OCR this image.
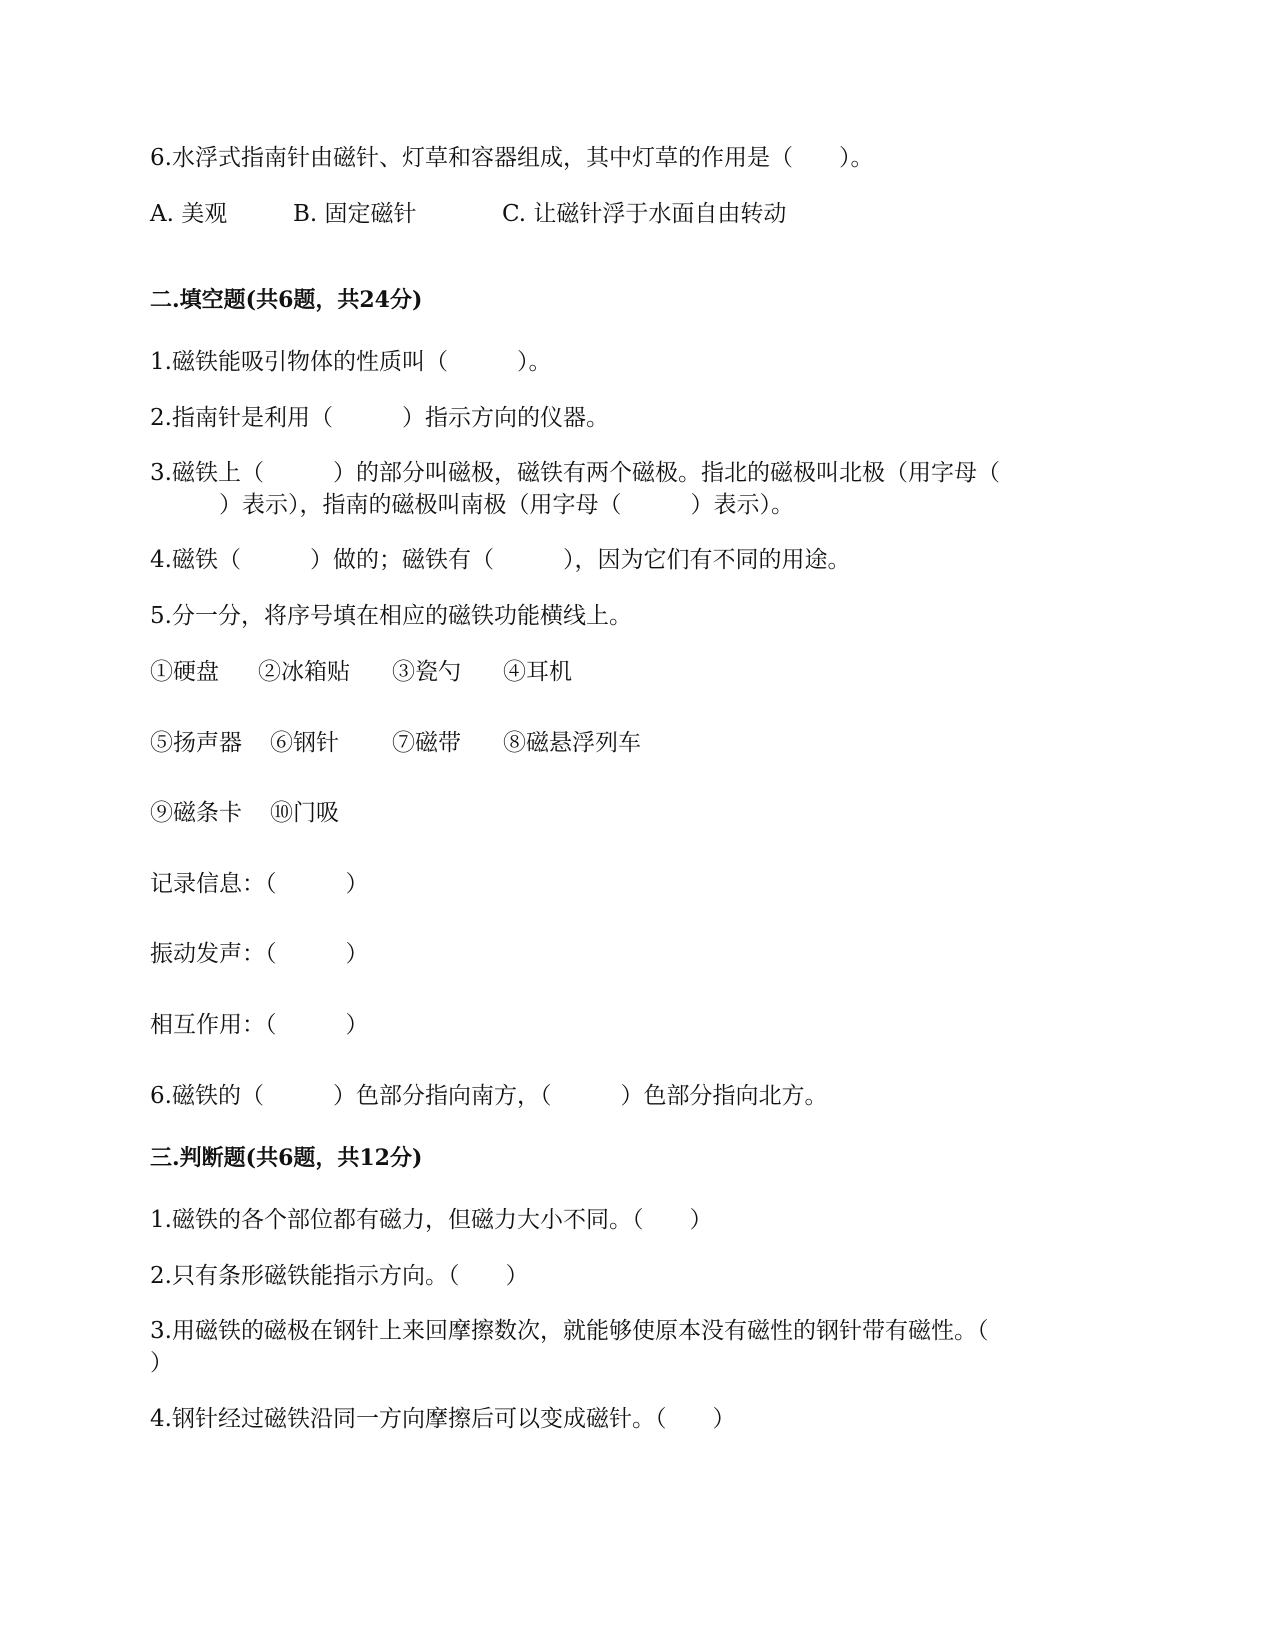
6.水浮式指南针由磁针、灯草和容器组成，其中灯草的作用是（　　）。

A. 美观	B. 固定磁针	C. 让磁针浮于水面自由转动

二.填空题(共6题，共24分)

1.磁铁能吸引物体的性质叫（　　　）。

2.指南针是利用（　　　）指示方向的仪器。

3.磁铁上（　　　）的部分叫磁极，磁铁有两个磁极。指北的磁极叫北极（用字母（

　　　）表示），指南的磁极叫南极（用字母（　　　）表示）。

4.磁铁（　　　）做的；磁铁有（　　　），因为它们有不同的用途。

5.分一分，将序号填在相应的磁铁功能横线上。

①硬盘 ②冰箱贴 ③瓷勺 ④耳机
⑤扬声器 ⑥钢针 ⑦磁带 ⑧磁悬浮列车
⑨磁条卡 ⑩门吸

记录信息：（　　　）

振动发声：（　　　）

相互作用：（　　　）

6.磁铁的（　　　）色部分指向南方，（　　　）色部分指向北方。

三.判断题(共6题，共12分)

1.磁铁的各个部位都有磁力，但磁力大小不同。（　　）

2.只有条形磁铁能指示方向。（　　）

3.用磁铁的磁极在钢针上来回摩擦数次，就能够使原本没有磁性的钢针带有磁性。（

）

4.钢针经过磁铁沿同一方向摩擦后可以变成磁针。（　　）
